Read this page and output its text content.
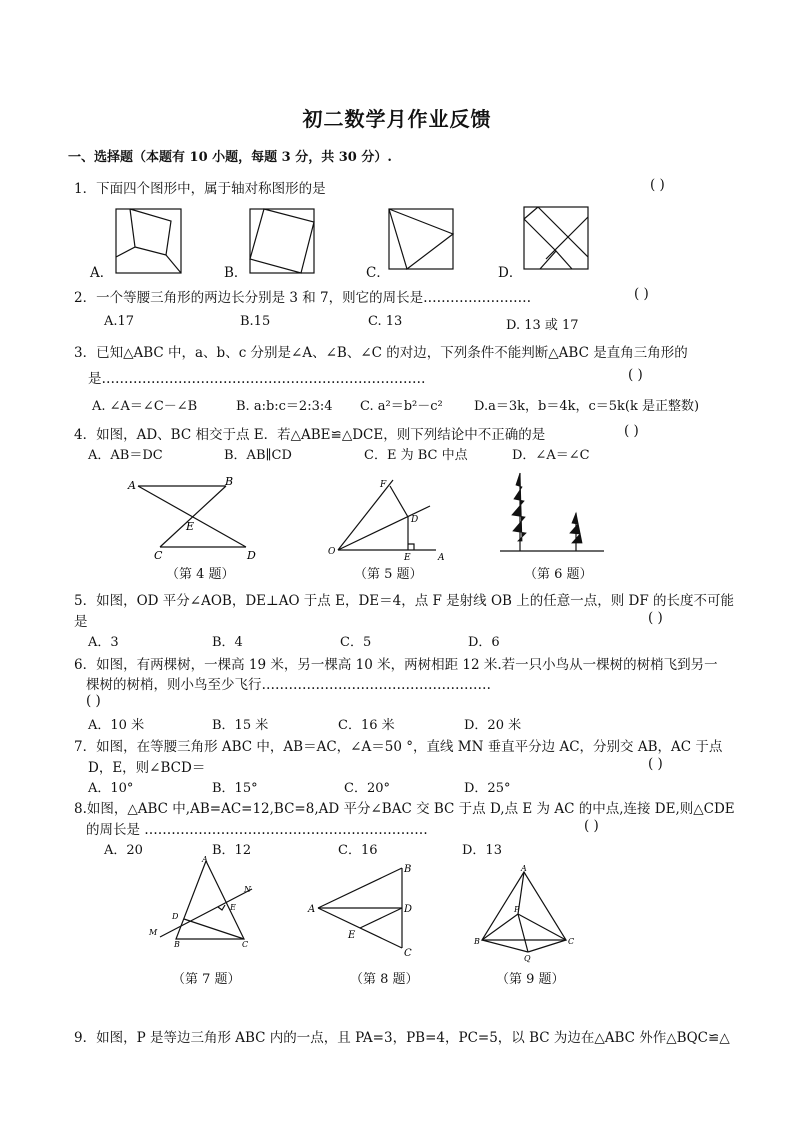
初二数学月作业反馈
一、选择题（本题有 10 小题，每题 3 分，共 30 分）.
1．下面四个图形中，属于轴对称图形的是	( )
A．	B．	C．	D．
2．一个等腰三角形的两边长分别是 3 和 7，则它的周长是……………………	( )
A.17	B.15	C. 13	D. 13 或 17
3．已知△ABC 中，a、b、c 分别是∠A、∠B、∠C 的对边，下列条件不能判断△ABC 是直角三角形的
是………………………………………………………………	( )
A. ∠A＝∠C－∠B	B. a:b:c＝2:3:4 C. a²＝b²－c² D.a＝3k，b＝4k，c＝5k(k 是正整数)
4．如图，AD、BC 相交于点 E．若△ABE≌△DCE，则下列结论中不正确的是	( )
A．AB＝DC	B．AB∥CD	C．E 为 BC 中点	D．∠A＝∠C
A	B
E
C	D
（第 4 题）
O
F
D
E	A
（第 5 题）	（第 6 题）
5．如图，OD 平分∠AOB，DE⊥AO 于点 E，DE＝4，点 F 是射线 OB 上的任意一点，则 DF 的长度不可能
是	( )
A．3	B．4	C．5	D．6
6．如图，有两棵树，一棵高 19 米，另一棵高 10 米，两树相距 12 米.若一只小鸟从一棵树的树梢飞到另一
棵树的树梢，则小鸟至少飞行……………………………………………
( )
A．10 米	B．15 米	C．16 米	D．20 米
7．如图，在等腰三角形 ABC 中，AB＝AC，∠A＝50 °，直线 MN 垂直平分边 AC，分别交 AB，AC 于点
D，E，则∠BCD＝	( )
A．10°	B．15°	C．20°	D．25°
8.如图，△ABC 中,AB=AC=12,BC=8,AD 平分∠BAC 交 BC 于点 D,点 E 为 AC 的中点,连接 DE,则△CDE
的周长是 ………………………………………………………	( )
A．20	B．12	C．16	D．13
A
N
E
D
M
B	C
（第 7 题）
A
B
D
E
C
（第 8 题）
A
P
B	C
Q
（第 9 题）
9．如图，P 是等边三角形 ABC 内的一点，且 PA=3，PB=4，PC=5，以 BC 为边在△ABC 外作△BQC≌△
